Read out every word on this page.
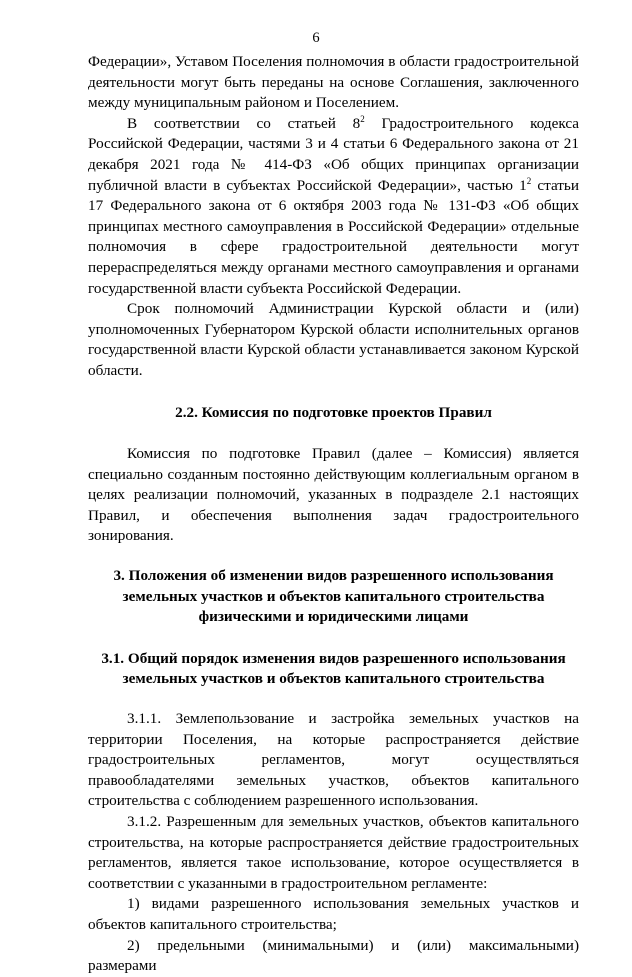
6

Федерации», Уставом Поселения полномочия в области градостроительной деятельности могут быть переданы на основе Соглашения, заключенного между муниципальным районом и Поселением.

В соответствии со статьей $8^2$ Градостроительного кодекса Российской Федерации, частями 3 и 4 статьи 6 Федерального закона от 21 декабря 2021 года № 414-ФЗ «Об общих принципах организации публичной власти в субъектах Российской Федерации», частью $1^2$ статьи 17 Федерального закона от 6 октября 2003 года № 131-ФЗ «Об общих принципах местного самоуправления в Российской Федерации» отдельные полномочия в сфере градостроительной деятельности могут перераспределяться между органами местного самоуправления и органами государственной власти субъекта Российской Федерации.

Срок полномочий Администрации Курской области и (или) уполномоченных Губернатором Курской области исполнительных органов государственной власти Курской области устанавливается законом Курской области.

2.2. Комиссия по подготовке проектов Правил

Комиссия по подготовке Правил (далее – Комиссия) является специально созданным постоянно действующим коллегиальным органом в целях реализации полномочий, указанных в подразделе 2.1 настоящих Правил, и обеспечения выполнения задач градостроительного зонирования.

3. Положения об изменении видов разрешенного использования земельных участков и объектов капитального строительства физическими и юридическими лицами

3.1. Общий порядок изменения видов разрешенного использования земельных участков и объектов капитального строительства

3.1.1. Землепользование и застройка земельных участков на территории Поселения, на которые распространяется действие градостроительных регламентов, могут осуществляться правообладателями земельных участков, объектов капитального строительства с соблюдением разрешенного использования.

3.1.2. Разрешенным для земельных участков, объектов капитального строительства, на которые распространяется действие градостроительных регламентов, является такое использование, которое осуществляется в соответствии с указанными в градостроительном регламенте:

1) видами разрешенного использования земельных участков и объектов капитального строительства;

2) предельными (минимальными) и (или) максимальными) размерами
